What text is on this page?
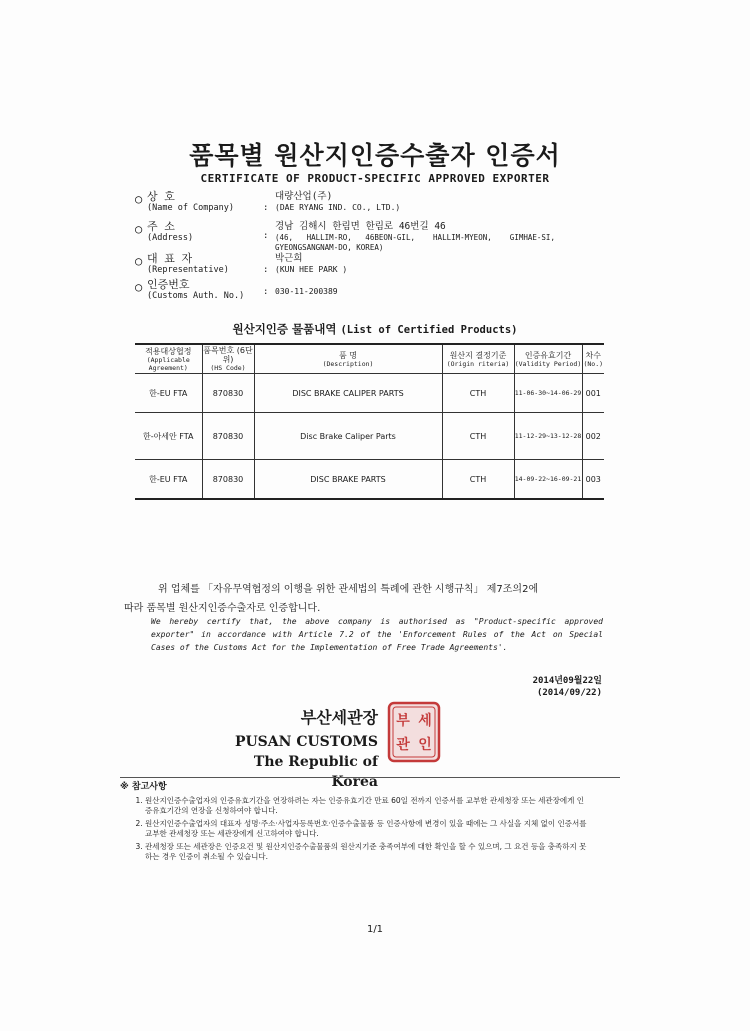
품목별 원산지인증수출자 인증서
CERTIFICATE OF PRODUCT-SPECIFIC APPROVED EXPORTER
○ 상 호
(Name of Company)	:
대량산업(주)
(DAE RYANG IND. CO., LTD.)
○ 주 소
(Address)	:
경남 김해시 한림면 한림로 46번길 46
(46,   HALLIM-RO,   46BEON-GIL,    HALLIM-MYEON,    GIMHAE-SI,
GYEONGSANGNAM-DO, KOREA)
○ 대 표 자
(Representative)	:
박근희
(KUN HEE PARK )
○ 인증번호
(Customs Auth. No.)	: 030-11-200389
원산지인증 물품내역 (List of Certified Products)
적용대상협정
(Applicable Agreement)	품목번호 (6단위)
(HS Code)	품 명
(Description)	원산지 결정기준
(Origin riteria)	인증유효기간
(Validity Period)	차수
(No.)

한-EU FTA	870830	DISC BRAKE CALIPER PARTS	CTH	11-06-30~14-06-29	001
한-아세안 FTA	870830	Disc Brake Caliper Parts	CTH	11-12-29~13-12-28	002
한-EU FTA	870830	DISC BRAKE PARTS	CTH	14-09-22~16-09-21	003
위 업체를 「자유무역협정의 이행을 위한 관세법의 특례에 관한 시행규칙」 제7조의2에
따라 품목별 원산지인증수출자로 인증합니다.
We hereby certify that, the above company is authorised as "Product-specific approved exporter" in accordance with Article 7.2 of the 'Enforcement Rules of the Act on Special Cases of the Customs Act for the Implementation of Free Trade Agreements'.
2014년09월22일
(2014/09/22)
부산세관장
PUSAN CUSTOMS
The Republic of Korea
부 세
관 인
※ 참고사항
1. 원산지인증수출업자의 인증유효기간을 연장하려는 자는 인증유효기간 만료 60일 전까지 인증서를 교부한 관세청장 또는 세관장에게 인증유효기간의 연장을 신청하여야 합니다.
2. 원산지인증수출업자의 대표자 성명·주소·사업자등록번호·인증수출물품 등 인증사항에 변경이 있을 때에는 그 사실을 지체 없이 인증서를 교부한 관세청장 또는 세관장에게 신고하여야 합니다.
3. 관세청장 또는 세관장은 인증요건 및 원산지인증수출물품의 원산지기준 충족여부에 대한 확인을 할 수 있으며, 그 요건 등을 충족하지 못하는 경우 인증이 취소될 수 있습니다.
1/1
